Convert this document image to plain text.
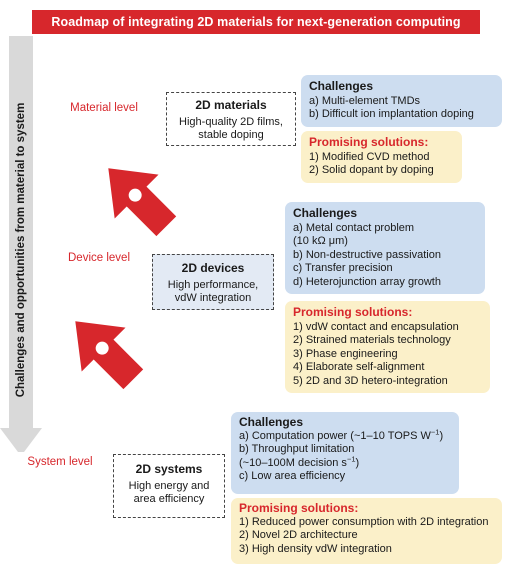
Roadmap of integrating 2D materials for next-generation computing
Challenges and opportunities from material to system	Material level	2D materials
High-quality 2D films,
stable doping
Challenges
a) Multi-element TMDs
b) Difficult ion implantation doping
Promising solutions:
1) Modified CVD method
2) Solid dopant by doping
Device level
2D devices
High performance,
vdW integration
Challenges
a) Metal contact problem
(10 kΩ μm)
b) Non-destructive passivation
c) Transfer precision
d) Heterojunction array growth
Promising solutions:
1) vdW contact and encapsulation
2) Strained materials technology
3) Phase engineering
4) Elaborate self-alignment
5) 2D and 3D hetero-integration
System level	2D systems
High energy and
area efficiency
Challenges
a) Computation power (~1–10 TOPS $W^{-1}$)
b) Throughput limitation
(~10–100M decision $s^{-1}$)
c) Low area efficiency
Promising solutions:
1) Reduced power consumption with 2D integration
2) Novel 2D architecture
3) High density vdW integration
